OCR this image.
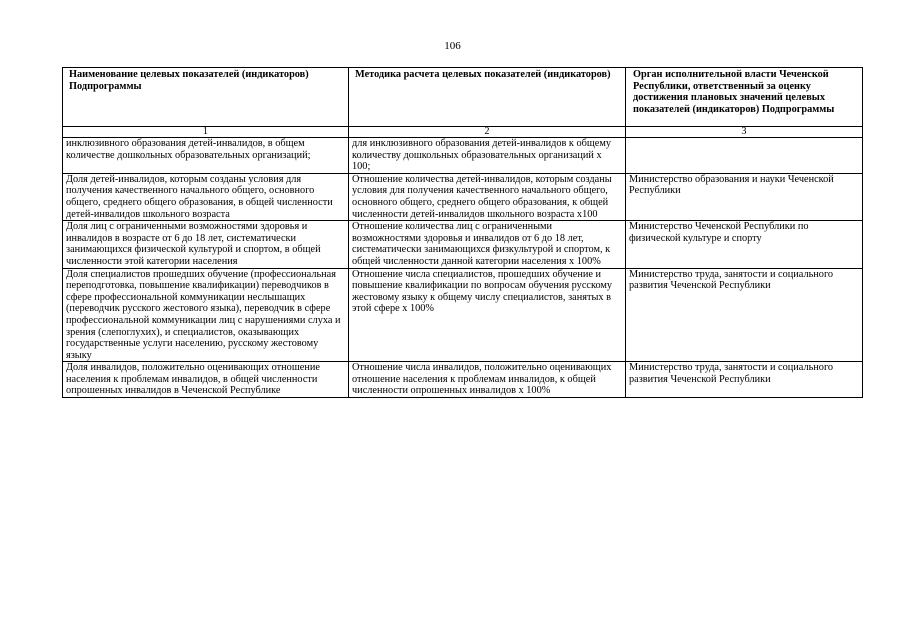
106
Наименование целевых показателей (индикаторов) Подпрограммы	Методика расчета целевых показателей (индикаторов)	Орган исполнительной власти Чеченской Республики, ответственный за оценку достижения плановых значений целевых показателей (индикаторов) Подпрограммы
1	2	3
инклюзивного образования детей-инвалидов, в общем количестве дошкольных образовательных организаций;	для инклюзивного образования детей-инвалидов к общему количеству дошкольных образовательных организаций х 100;	
Доля детей-инвалидов, которым созданы условия для получения качественного начального общего, основного общего, среднего общего образования, в общей численности детей-инвалидов школьного возраста	Отношение количества детей-инвалидов, которым созданы условия для получения качественного начального общего, основного общего, среднего общего образования, к общей численности детей-инвалидов школьного возраста х100	Министерство образования и науки Чеченской Республики
Доля лиц с ограниченными возможностями здоровья и инвалидов в возрасте от 6 до 18 лет, систематически занимающихся физической культурой и спортом, в общей численности этой категории населения	Отношение количества лиц с ограниченными возможностями здоровья и инвалидов от 6 до 18 лет, систематически занимающихся физкультурой и спортом, к общей численности данной категории населения х 100%	Министерство Чеченской Республики по физической культуре и спорту
Доля специалистов прошедших обучение (профессиональная переподготовка, повышение квалификации) переводчиков в сфере профессиональной коммуникации неслышащих (переводчик русского жестового языка), переводчик в сфере профессиональной коммуникации лиц с нарушениями слуха и зрения (слепоглухих), и специалистов, оказывающих государственные услуги населению, русскому жестовому языку	Отношение числа специалистов, прошедших обучение и повышение квалификации по вопросам обучения русскому жестовому языку к общему числу специалистов, занятых в этой сфере х 100%	Министерство труда, занятости и социального развития Чеченской Республики
Доля инвалидов, положительно оценивающих отношение населения к проблемам инвалидов, в общей численности опрошенных инвалидов в Чеченской Республике	Отношение числа инвалидов, положительно оценивающих отношение населения к проблемам инвалидов, к общей численности опрошенных инвалидов х 100%	Министерство труда, занятости и социального развития Чеченской Республики
